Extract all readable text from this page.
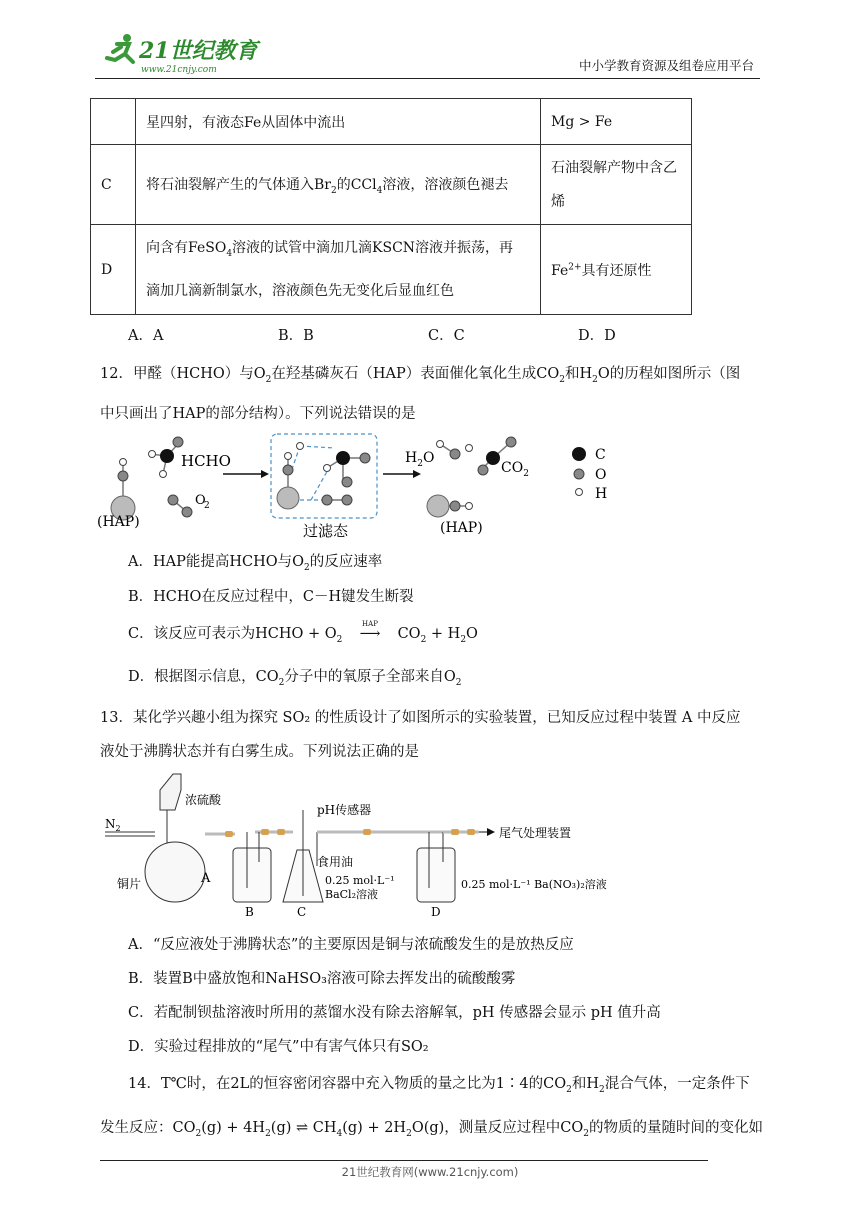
21世纪教育
www.21cnjy.com	中小学教育资源及组卷应用平台
	星四射，有液态Fe从固体中流出	Mg > Fe
C	将石油裂解产生的气体通入$Br_2$的CCl$_4$溶液，溶液颜色褪去	石油裂解产物中含乙
烯
D	向含有FeSO$_4$溶液的试管中滴加几滴KSCN溶液并振荡，再
滴加几滴新制氯水，溶液颜色先无变化后显血红色	$Fe^{2+}$具有还原性
A．A	B．B	C．C	D．D
12．甲醛（HCHO）与$O_2$在羟基磷灰石（HAP）表面催化氧化生成$CO_2$和$H_2O$的历程如图所示（图
中只画出了HAP的部分结构）。下列说法错误的是
HCHO
O
2
(HAP)	过滤态
$H_2O$
$CO_2$
(HAP)
C
O
H
A．HAP能提高HCHO与$O_2$的反应速率
B．HCHO在反应过程中，C－H键发生断裂
C．该反应可表示为HCHO + $O_2$
HAP
⟶ $CO_2 + H_2O$
D．根据图示信息，$CO_2$分子中的氧原子全部来自$O_2$
13．某化学兴趣小组为探究 SO₂ 的性质设计了如图所示的实验装置，已知反应过程中装置 A 中反应
液处于沸腾状态并有白雾生成。下列说法正确的是
$N_2$
浓硫酸
铜片	A
B	C	D
pH传感器
食用油
0.25 mol·L⁻¹
BaCl₂溶液
尾气处理装置
0.25 mol·L⁻¹ Ba(NO₃)₂溶液
A．“反应液处于沸腾状态”的主要原因是铜与浓硫酸发生的是放热反应
B．装置B中盛放饱和NaHSO₃溶液可除去挥发出的硫酸酸雾
C．若配制钡盐溶液时所用的蒸馏水没有除去溶解氧，pH 传感器会显示 pH 值升高
D．实验过程排放的“尾气”中有害气体只有SO₂
14．T℃时，在2L的恒容密闭容器中充入物质的量之比为1∶4的$CO_2$和$H_2$混合气体，一定条件下
发生反应：$CO_2(g) + 4H_2(g)$ ⇌ $CH_4(g) + 2H_2O(g)$，测量反应过程中$CO_2$的物质的量随时间的变化如
21世纪教育网(www.21cnjy.com)
